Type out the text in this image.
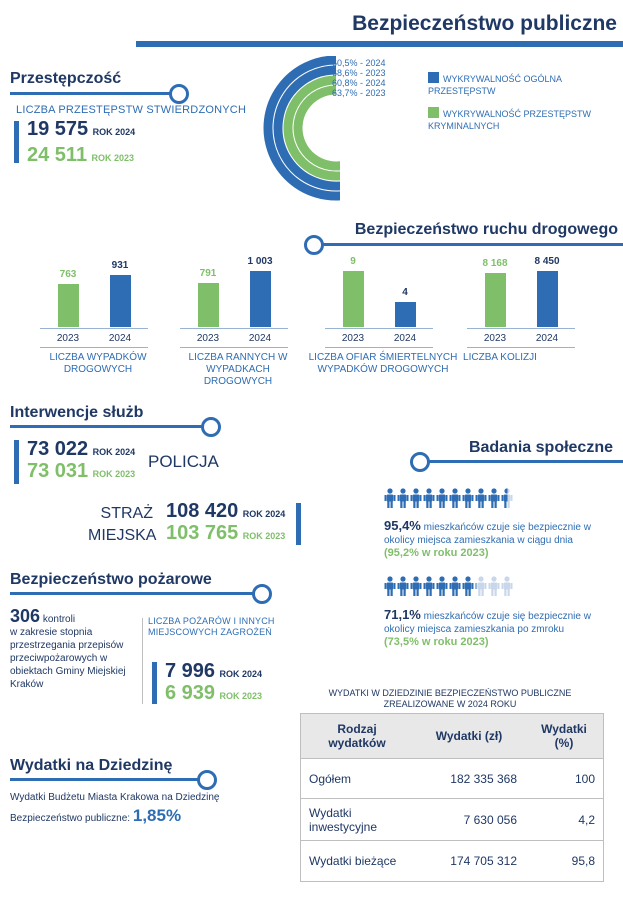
Bezpieczeństwo publiczne
Przestępczość
LICZBA PRZESTĘPSTW STWIERDZONYCH
19 575 ROK 2024
24 511 ROK 2023
60,5% - 2024
68,6% - 2023
60,8% - 2024
63,7% - 2023
WYKRYWALNOŚĆ OGÓLNA PRZESTĘPSTW
WYKRYWALNOŚĆ PRZESTĘPSTW KRYMINALNYCH
Bezpieczeństwo ruchu drogowego
763
931
2023	2024
LICZBA WYPADKÓW DROGOWYCH
791
1 003
2023	2024
LICZBA RANNYCH W WYPADKACH DROGOWYCH
9
4
2023	2024
LICZBA OFIAR ŚMIERTELNYCH WYPADKÓW DROGOWYCH
8 168	8 450
2023	2024
LICZBA KOLIZJI
Interwencje służb
73 022 ROK 2024
73 031 ROK 2023
POLICJA
STRAŻ
MIEJSKA
108 420 ROK 2024
103 765 ROK 2023
Badania społeczne
95,4% mieszkańców czuje się bezpiecznie w okolicy miejsca zamieszkania w ciągu dnia
(95,2% w roku 2023)
71,1% mieszkańców czuje się bezpiecznie w okolicy miejsca zamieszkania po zmroku
(73,5% w roku 2023)
Bezpieczeństwo pożarowe
306 kontroli
w zakresie stopnia przestrzegania przepisów przeciwpożarowych w obiektach Gminy Miejskiej Kraków
LICZBA POŻARÓW I INNYCH MIEJSCOWYCH ZAGROŻEŃ
7 996 ROK 2024
6 939 ROK 2023
Wydatki na Dziedzinę
Wydatki Budżetu Miasta Krakowa na Dziedzinę
Bezpieczeństwo publiczne: 1,85%
WYDATKI W DZIEDZINIE BEZPIECZEŃSTWO PUBLICZNE
ZREALIZOWANE W 2024 ROKU
Rodzaj wydatków	Wydatki (zł)	Wydatki (%)
Ogółem	182 335 368	100
Wydatki inwestycyjne	7 630 056	4,2
Wydatki bieżące	174 705 312	95,8
